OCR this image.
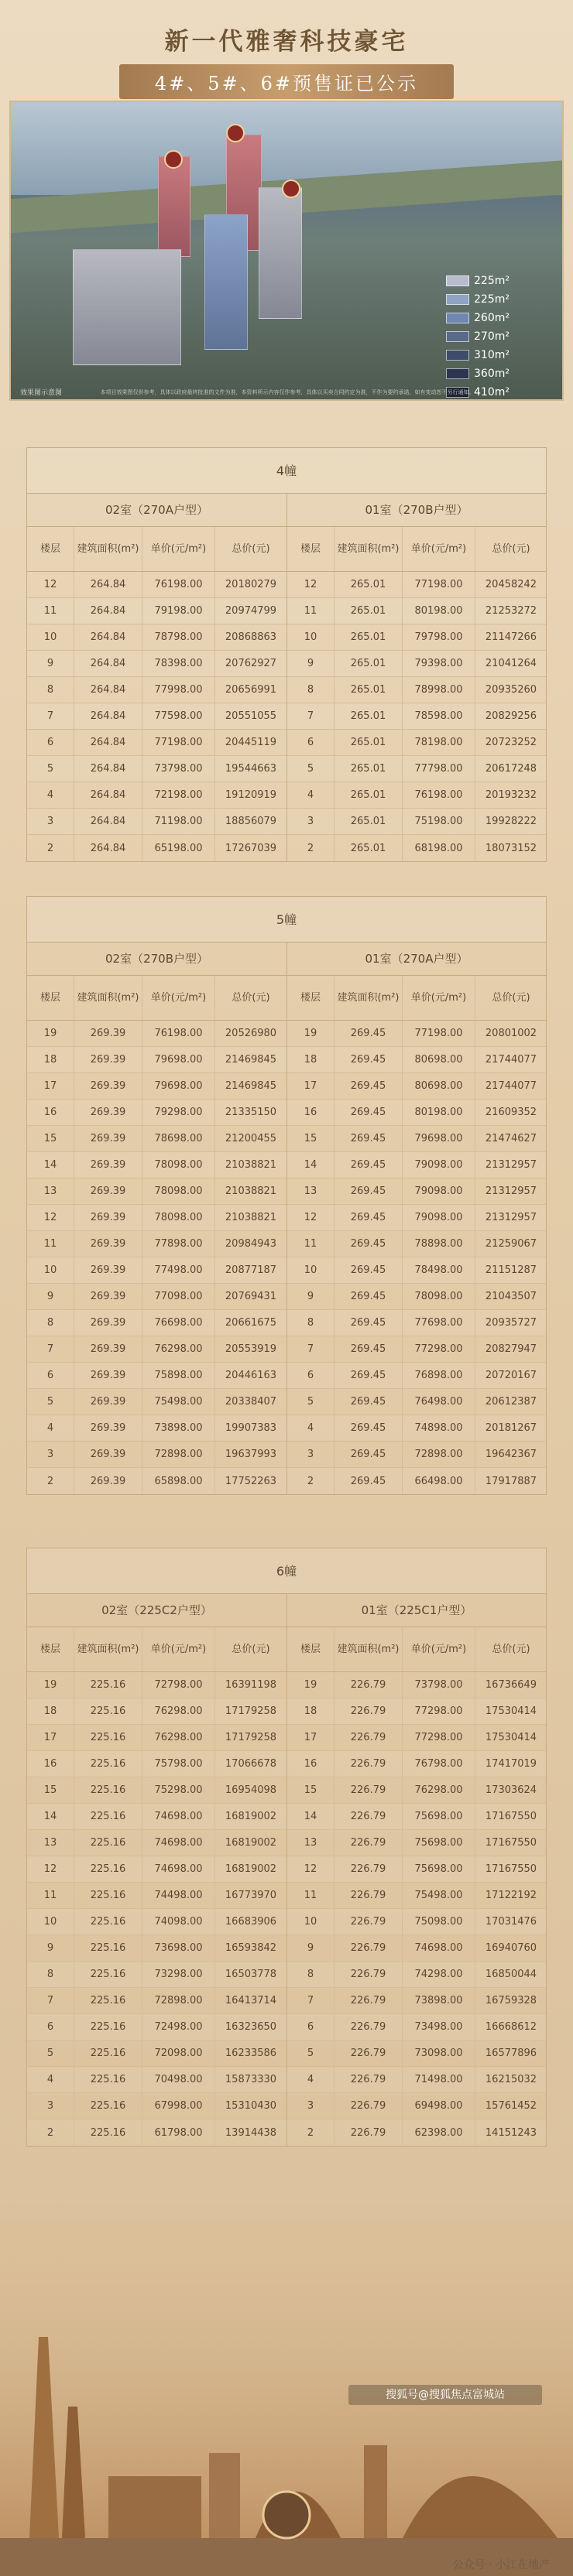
新一代雅奢科技豪宅
4#、5#、6#预售证已公示
225m²
225m²
260m²
270m²
310m²
360m²
410m²
效果图示意图	本项目效果图仅供参考，具体以政府最终批准的文件为准，本资料所示内容仅作参考，具体以买卖合同约定为准，不作为要约承诺，如有变动恕不另行通知。
4幢
02室（270A户型）
楼层	建筑面积(m²)	单价(元/m²)	总价(元)
12	264.84	76198.00	20180279
11	264.84	79198.00	20974799
10	264.84	78798.00	20868863
9	264.84	78398.00	20762927
8	264.84	77998.00	20656991
7	264.84	77598.00	20551055
6	264.84	77198.00	20445119
5	264.84	73798.00	19544663
4	264.84	72198.00	19120919
3	264.84	71198.00	18856079
2	264.84	65198.00	17267039
01室（270B户型）
楼层	建筑面积(m²)	单价(元/m²)	总价(元)
12	265.01	77198.00	20458242
11	265.01	80198.00	21253272
10	265.01	79798.00	21147266
9	265.01	79398.00	21041264
8	265.01	78998.00	20935260
7	265.01	78598.00	20829256
6	265.01	78198.00	20723252
5	265.01	77798.00	20617248
4	265.01	76198.00	20193232
3	265.01	75198.00	19928222
2	265.01	68198.00	18073152
5幢
02室（270B户型）
楼层	建筑面积(m²)	单价(元/m²)	总价(元)
19	269.39	76198.00	20526980
18	269.39	79698.00	21469845
17	269.39	79698.00	21469845
16	269.39	79298.00	21335150
15	269.39	78698.00	21200455
14	269.39	78098.00	21038821
13	269.39	78098.00	21038821
12	269.39	78098.00	21038821
11	269.39	77898.00	20984943
10	269.39	77498.00	20877187
9	269.39	77098.00	20769431
8	269.39	76698.00	20661675
7	269.39	76298.00	20553919
6	269.39	75898.00	20446163
5	269.39	75498.00	20338407
4	269.39	73898.00	19907383
3	269.39	72898.00	19637993
2	269.39	65898.00	17752263
01室（270A户型）
楼层	建筑面积(m²)	单价(元/m²)	总价(元)
19	269.45	77198.00	20801002
18	269.45	80698.00	21744077
17	269.45	80698.00	21744077
16	269.45	80198.00	21609352
15	269.45	79698.00	21474627
14	269.45	79098.00	21312957
13	269.45	79098.00	21312957
12	269.45	79098.00	21312957
11	269.45	78898.00	21259067
10	269.45	78498.00	21151287
9	269.45	78098.00	21043507
8	269.45	77698.00	20935727
7	269.45	77298.00	20827947
6	269.45	76898.00	20720167
5	269.45	76498.00	20612387
4	269.45	74898.00	20181267
3	269.45	72898.00	19642367
2	269.45	66498.00	17917887
6幢
02室（225C2户型）
楼层	建筑面积(m²)	单价(元/m²)	总价(元)
19	225.16	72798.00	16391198
18	225.16	76298.00	17179258
17	225.16	76298.00	17179258
16	225.16	75798.00	17066678
15	225.16	75298.00	16954098
14	225.16	74698.00	16819002
13	225.16	74698.00	16819002
12	225.16	74698.00	16819002
11	225.16	74498.00	16773970
10	225.16	74098.00	16683906
9	225.16	73698.00	16593842
8	225.16	73298.00	16503778
7	225.16	72898.00	16413714
6	225.16	72498.00	16323650
5	225.16	72098.00	16233586
4	225.16	70498.00	15873330
3	225.16	67998.00	15310430
2	225.16	61798.00	13914438
01室（225C1户型）
楼层	建筑面积(m²)	单价(元/m²)	总价(元)
19	226.79	73798.00	16736649
18	226.79	77298.00	17530414
17	226.79	77298.00	17530414
16	226.79	76798.00	17417019
15	226.79	76298.00	17303624
14	226.79	75698.00	17167550
13	226.79	75698.00	17167550
12	226.79	75698.00	17167550
11	226.79	75498.00	17122192
10	226.79	75098.00	17031476
9	226.79	74698.00	16940760
8	226.79	74298.00	16850044
7	226.79	73898.00	16759328
6	226.79	73498.00	16668612
5	226.79	73098.00	16577896
4	226.79	71498.00	16215032
3	226.79	69498.00	15761452
2	226.79	62398.00	14151243
搜狐号@搜狐焦点富城站
公众号 · 小江在地产
